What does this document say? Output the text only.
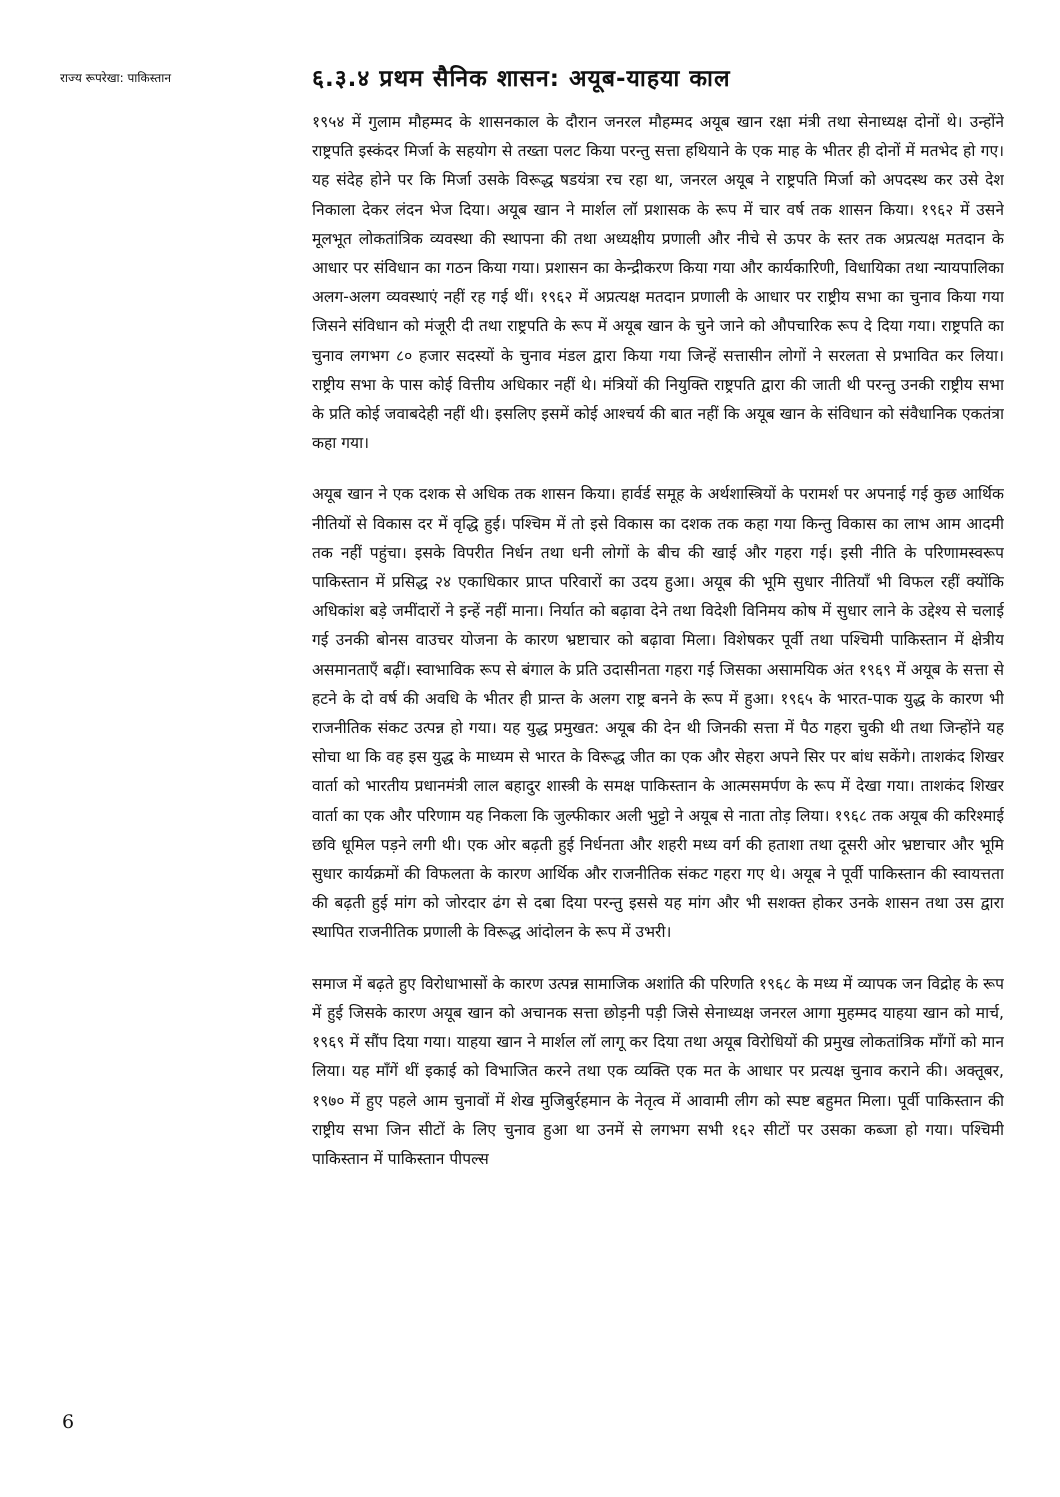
राज्य रूपरेखा: पाकिस्तान	६.३.४ प्रथम सैनिक शासन: अयूब-याहया काल

१९५४ में गुलाम मौहम्मद के शासनकाल के दौरान जनरल मौहम्मद अयूब खान रक्षा मंत्री तथा सेनाध्यक्ष दोनों थे। उन्होंने राष्ट्रपति इस्कंदर मिर्जा के सहयोग से तख्ता पलट किया परन्तु सत्ता हथियाने के एक माह के भीतर ही दोनों में मतभेद हो गए। यह संदेह होने पर कि मिर्जा उसके विरूद्ध षडयंत्रा रच रहा था, जनरल अयूब ने राष्ट्रपति मिर्जा को अपदस्थ कर उसे देश निकाला देकर लंदन भेज दिया। अयूब खान ने मार्शल लॉ प्रशासक के रूप में चार वर्ष तक शासन किया। १९६२ में उसने मूलभूत लोकतांत्रिक व्यवस्था की स्थापना की तथा अध्यक्षीय प्रणाली और नीचे से ऊपर के स्तर तक अप्रत्यक्ष मतदान के आधार पर संविधान का गठन किया गया। प्रशासन का केन्द्रीकरण किया गया और कार्यकारिणी, विधायिका तथा न्यायपालिका अलग-अलग व्यवस्थाएं नहीं रह गई थीं। १९६२ में अप्रत्यक्ष मतदान प्रणाली के आधार पर राष्ट्रीय सभा का चुनाव किया गया जिसने संविधान को मंजूरी दी तथा राष्ट्रपति के रूप में अयूब खान के चुने जाने को औपचारिक रूप दे दिया गया। राष्ट्रपति का चुनाव लगभग ८० हजार सदस्यों के चुनाव मंडल द्वारा किया गया जिन्हें सत्तासीन लोगों ने सरलता से प्रभावित कर लिया। राष्ट्रीय सभा के पास कोई वित्तीय अधिकार नहीं थे। मंत्रियों की नियुक्ति राष्ट्रपति द्वारा की जाती थी परन्तु उनकी राष्ट्रीय सभा के प्रति कोई जवाबदेही नहीं थी। इसलिए इसमें कोई आश्चर्य की बात नहीं कि अयूब खान के संविधान को संवैधानिक एकतंत्रा कहा गया।

अयूब खान ने एक दशक से अधिक तक शासन किया। हार्वर्ड समूह के अर्थशास्त्रियों के परामर्श पर अपनाई गई कुछ आर्थिक नीतियों से विकास दर में वृद्धि हुई। पश्चिम में तो इसे विकास का दशक तक कहा गया किन्तु विकास का लाभ आम आदमी तक नहीं पहुंचा। इसके विपरीत निर्धन तथा धनी लोगों के बीच की खाई और गहरा गई। इसी नीति के परिणामस्वरूप पाकिस्तान में प्रसिद्ध २४ एकाधिकार प्राप्त परिवारों का उदय हुआ। अयूब की भूमि सुधार नीतियाँ भी विफल रहीं क्योंकि अधिकांश बड़े जमींदारों ने इन्हें नहीं माना। निर्यात को बढ़ावा देने तथा विदेशी विनिमय कोष में सुधार लाने के उद्देश्य से चलाई गई उनकी बोनस वाउचर योजना के कारण भ्रष्टाचार को बढ़ावा मिला। विशेषकर पूर्वी तथा पश्चिमी पाकिस्तान में क्षेत्रीय असमानताएँ बढ़ीं। स्वाभाविक रूप से बंगाल के प्रति उदासीनता गहरा गई जिसका असामयिक अंत १९६९ में अयूब के सत्ता से हटने के दो वर्ष की अवधि के भीतर ही प्रान्त के अलग राष्ट्र बनने के रूप में हुआ। १९६५ के भारत-पाक युद्ध के कारण भी राजनीतिक संकट उत्पन्न हो गया। यह युद्ध प्रमुखत: अयूब की देन थी जिनकी सत्ता में पैठ गहरा चुकी थी तथा जिन्होंने यह सोचा था कि वह इस युद्ध के माध्यम से भारत के विरूद्ध जीत का एक और सेहरा अपने सिर पर बांध सकेंगे। ताशकंद शिखर वार्ता को भारतीय प्रधानमंत्री लाल बहादुर शास्त्री के समक्ष पाकिस्तान के आत्मसमर्पण के रूप में देखा गया। ताशकंद शिखर वार्ता का एक और परिणाम यह निकला कि जुल्फीकार अली भुट्टो ने अयूब से नाता तोड़ लिया। १९६८ तक अयूब की करिश्माई छवि धूमिल पड़ने लगी थी। एक ओर बढ़ती हुई निर्धनता और शहरी मध्य वर्ग की हताशा तथा दूसरी ओर भ्रष्टाचार और भूमि सुधार कार्यक्रमों की विफलता के कारण आर्थिक और राजनीतिक संकट गहरा गए थे। अयूब ने पूर्वी पाकिस्तान की स्वायत्तता की बढ़ती हुई मांग को जोरदार ढंग से दबा दिया परन्तु इससे यह मांग और भी सशक्त होकर उनके शासन तथा उस द्वारा स्थापित राजनीतिक प्रणाली के विरूद्ध आंदोलन के रूप में उभरी।

समाज में बढ़ते हुए विरोधाभासों के कारण उत्पन्न सामाजिक अशांति की परिणति १९६८ के मध्य में व्यापक जन विद्रोह के रूप में हुई जिसके कारण अयूब खान को अचानक सत्ता छोड़नी पड़ी जिसे सेनाध्यक्ष जनरल आगा मुहम्मद याहया खान को मार्च, १९६९ में सौंप दिया गया। याहया खान ने मार्शल लॉ लागू कर दिया तथा अयूब विरोधियों की प्रमुख लोकतांत्रिक माँगों को मान लिया। यह माँगें थीं इकाई को विभाजित करने तथा एक व्यक्ति एक मत के आधार पर प्रत्यक्ष चुनाव कराने की। अक्तूबर, १९७० में हुए पहले आम चुनावों में शेख मुजिबुर्रहमान के नेतृत्व में आवामी लीग को स्पष्ट बहुमत मिला। पूर्वी पाकिस्तान की राष्ट्रीय सभा जिन सीटों के लिए चुनाव हुआ था उनमें से लगभग सभी १६२ सीटों पर उसका कब्जा हो गया। पश्चिमी पाकिस्तान में पाकिस्तान पीपल्स

6
